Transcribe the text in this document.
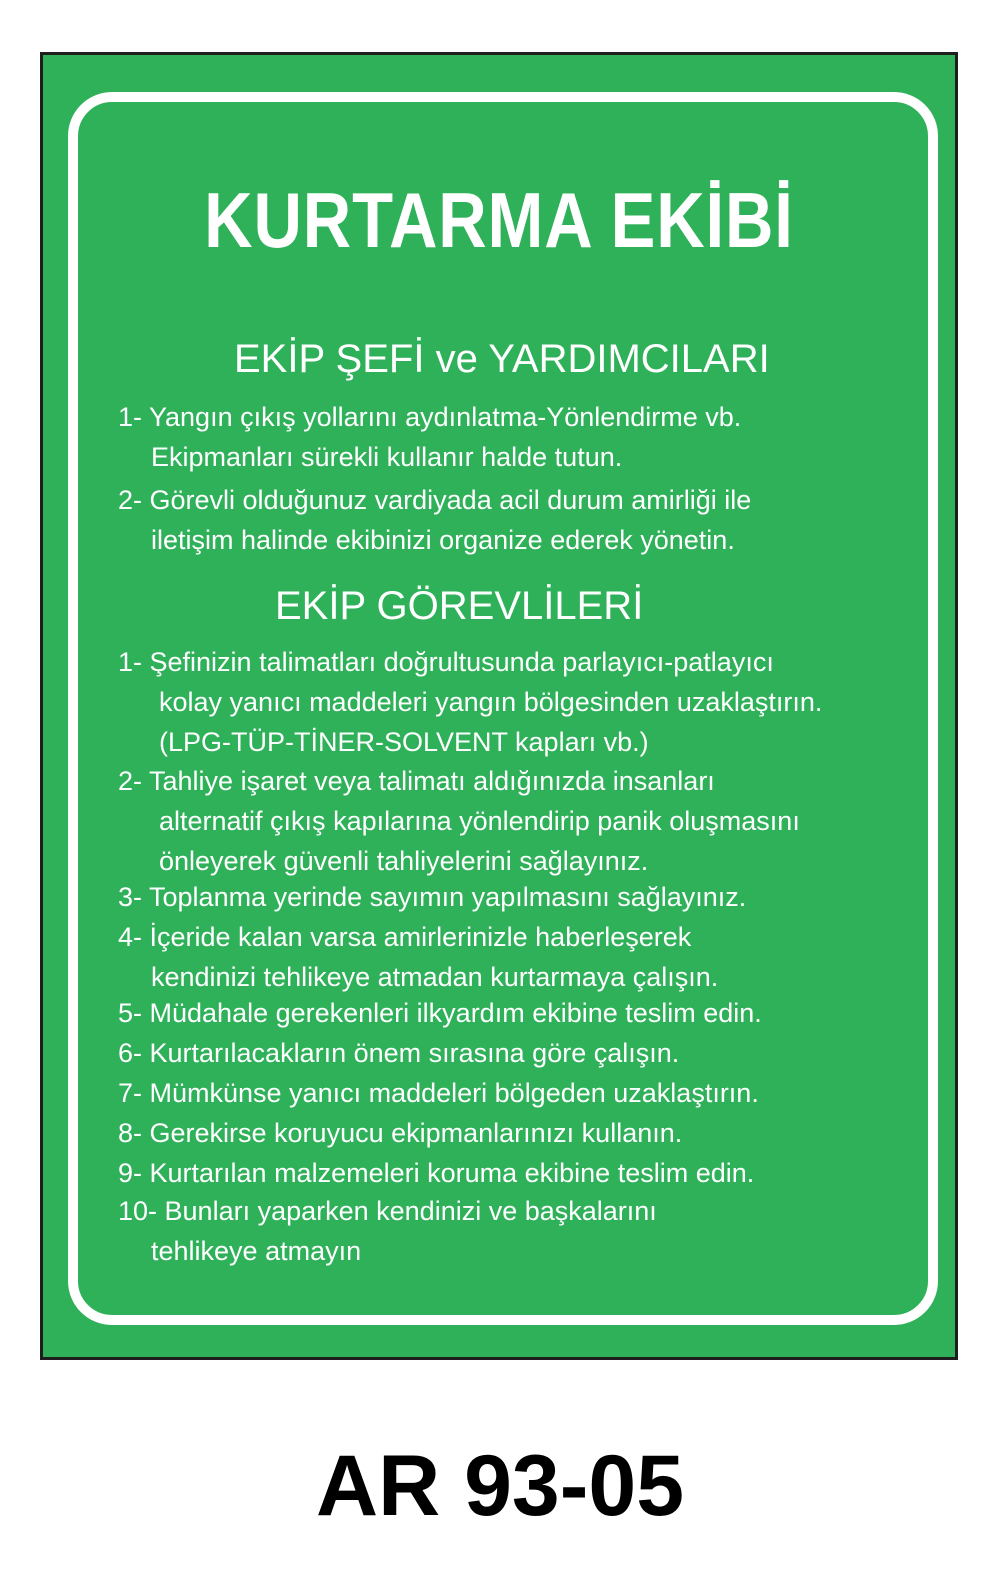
KURTARMA EKİBİ
EKİP ŞEFİ ve YARDIMCILARI
1- Yangın çıkış yollarını aydınlatma-Yönlendirme vb.
Ekipmanları sürekli kullanır halde tutun.
2- Görevli olduğunuz vardiyada acil durum amirliği ile
iletişim halinde ekibinizi organize ederek yönetin.
EKİP GÖREVLİLERİ
1- Şefinizin talimatları doğrultusunda parlayıcı-patlayıcı
kolay yanıcı maddeleri yangın bölgesinden uzaklaştırın.
(LPG-TÜP-TİNER-SOLVENT kapları vb.)
2- Tahliye işaret veya talimatı aldığınızda insanları
alternatif çıkış kapılarına yönlendirip panik oluşmasını
önleyerek güvenli tahliyelerini sağlayınız.
3- Toplanma yerinde sayımın yapılmasını sağlayınız.
4- İçeride kalan varsa amirlerinizle haberleşerek
kendinizi tehlikeye atmadan kurtarmaya çalışın.
5- Müdahale gerekenleri ilkyardım ekibine teslim edin.
6- Kurtarılacakların önem sırasına göre çalışın.
7- Mümkünse yanıcı maddeleri bölgeden uzaklaştırın.
8- Gerekirse koruyucu ekipmanlarınızı kullanın.
9- Kurtarılan malzemeleri koruma ekibine teslim edin.
10- Bunları yaparken kendinizi ve başkalarını
tehlikeye atmayın
AR 93-05
